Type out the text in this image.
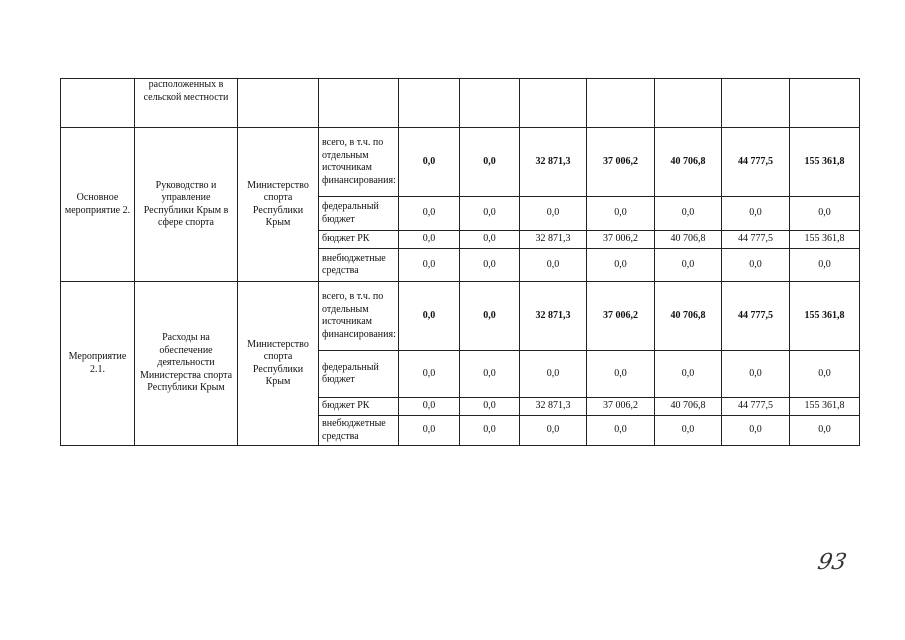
	расположенных в сельской местности									
Основное мероприятие 2.	Руководство и управление Республики Крым в сфере спорта	Министерство спорта Республики Крым	всего, в т.ч. по отдельным источникам финансирования:	0,0	0,0	32 871,3	37 006,2	40 706,8	44 777,5	155 361,8
			федеральный бюджет	0,0	0,0	0,0	0,0	0,0	0,0	0,0
			бюджет РК	0,0	0,0	32 871,3	37 006,2	40 706,8	44 777,5	155 361,8
			внебюджетные средства	0,0	0,0	0,0	0,0	0,0	0,0	0,0
Мероприятие 2.1.	Расходы на обеспечение деятельности Министерства спорта Республики Крым	Министерство спорта Республики Крым	всего, в т.ч. по отдельным источникам финансирования:	0,0	0,0	32 871,3	37 006,2	40 706,8	44 777,5	155 361,8
			федеральный бюджет	0,0	0,0	0,0	0,0	0,0	0,0	0,0
			бюджет РК	0,0	0,0	32 871,3	37 006,2	40 706,8	44 777,5	155 361,8
			внебюджетные средства	0,0	0,0	0,0	0,0	0,0	0,0	0,0
93
